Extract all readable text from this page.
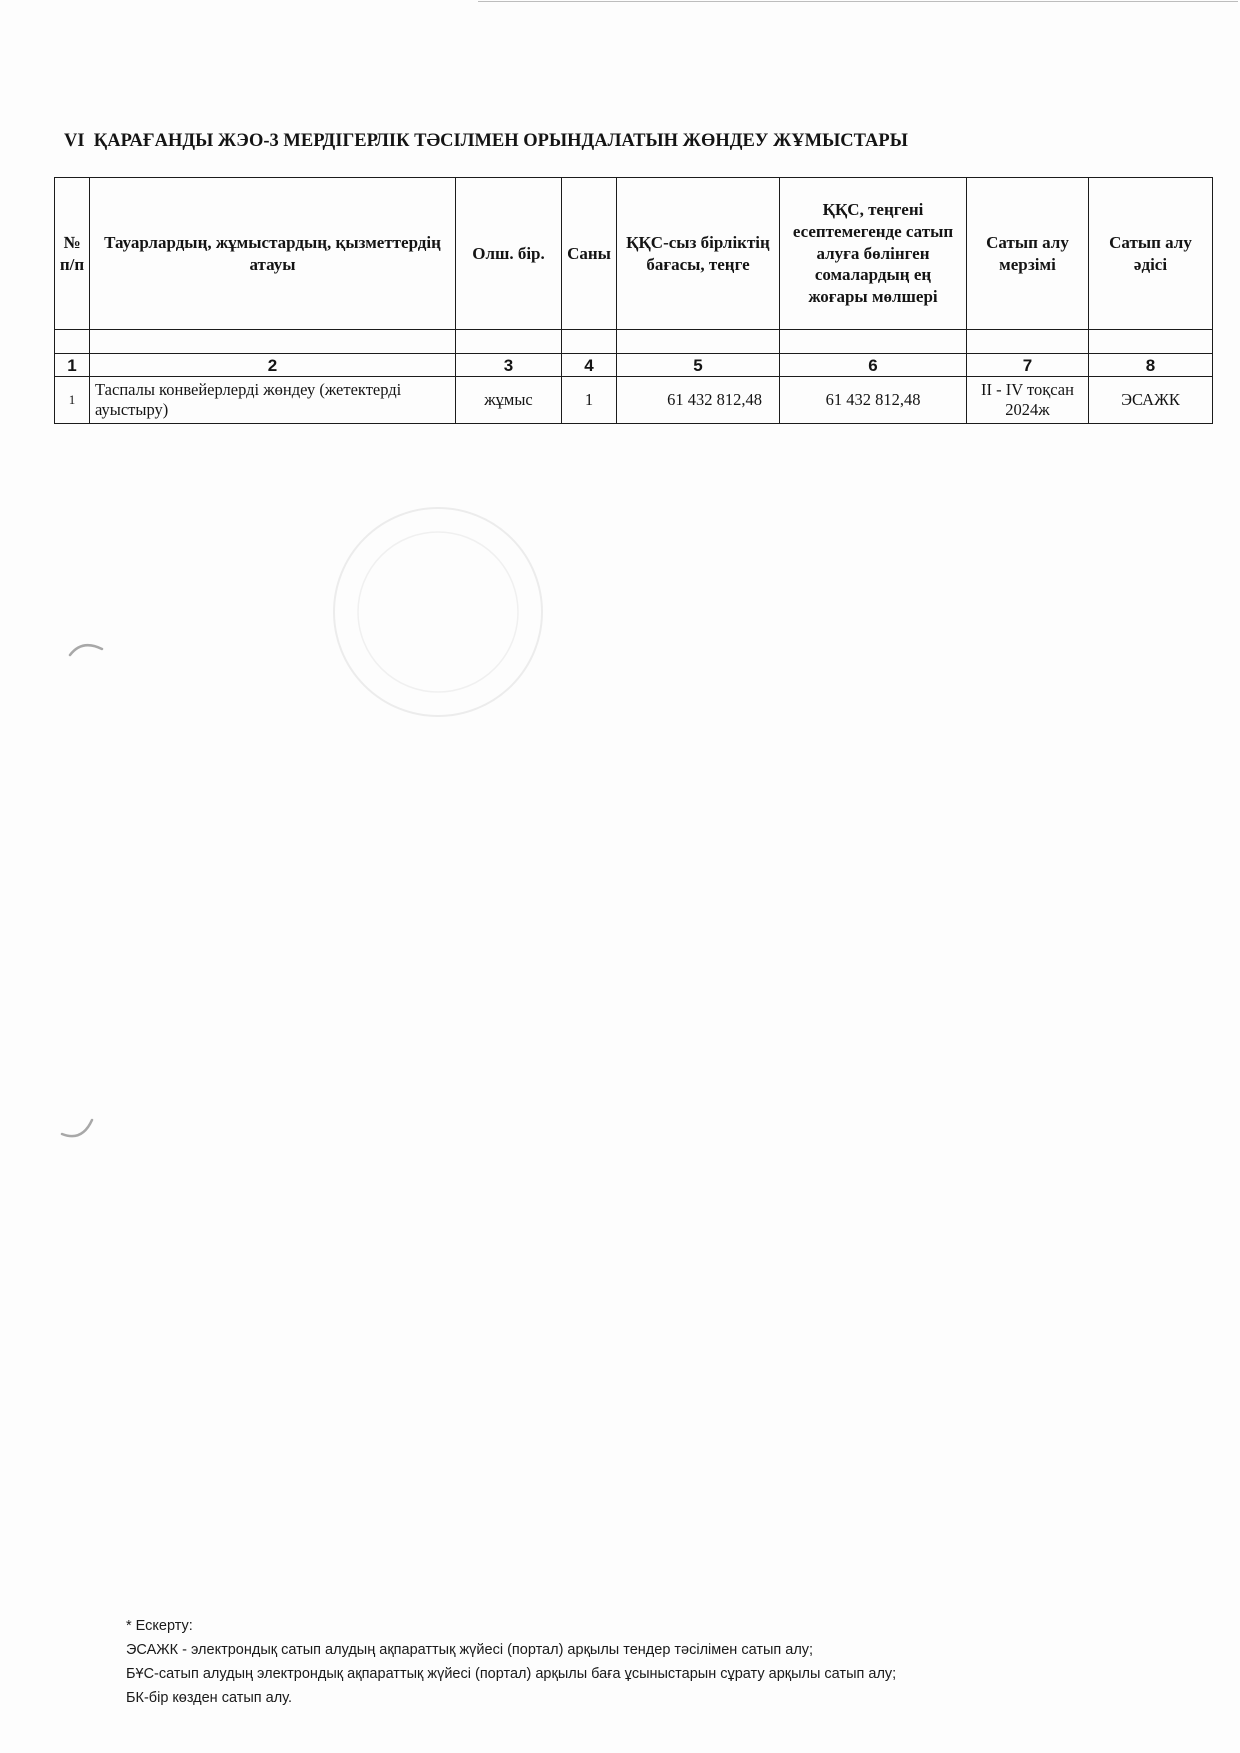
VI  ҚАРАҒАНДЫ ЖЭО-3 МЕРДІГЕРЛІК ТӘСІЛМЕН ОРЫНДАЛАТЫН ЖӨНДЕУ ЖҰМЫСТАРЫ
№ п/п	Тауарлардың, жұмыстардың, қызметтердің атауы	Олш. бір.	Саны	ҚҚС-сыз бірліктің бағасы, теңге	ҚҚС, теңгені есептемегенде сатып алуға бөлінген сомалардың ең жоғары мөлшері	Сатып алу мерзімі	Сатып алу әдісі

1	2	3	4	5	6	7	8
1	Таспалы конвейерлерді жөндеу (жетектерді ауыстыру)	жұмыс	1	61 432 812,48	61 432 812,48	II - IV тоқсан 2024ж	ЭСАЖК
* Ескерту:
ЭСАЖК - электрондық сатып алудың ақпараттық жүйесі (портал) арқылы тендер тәсілімен сатып алу;
БҰС-сатып алудың электрондық ақпараттық жүйесі (портал) арқылы баға ұсыныстарын сұрату арқылы сатып алу;
БК-бір көзден сатып алу.
